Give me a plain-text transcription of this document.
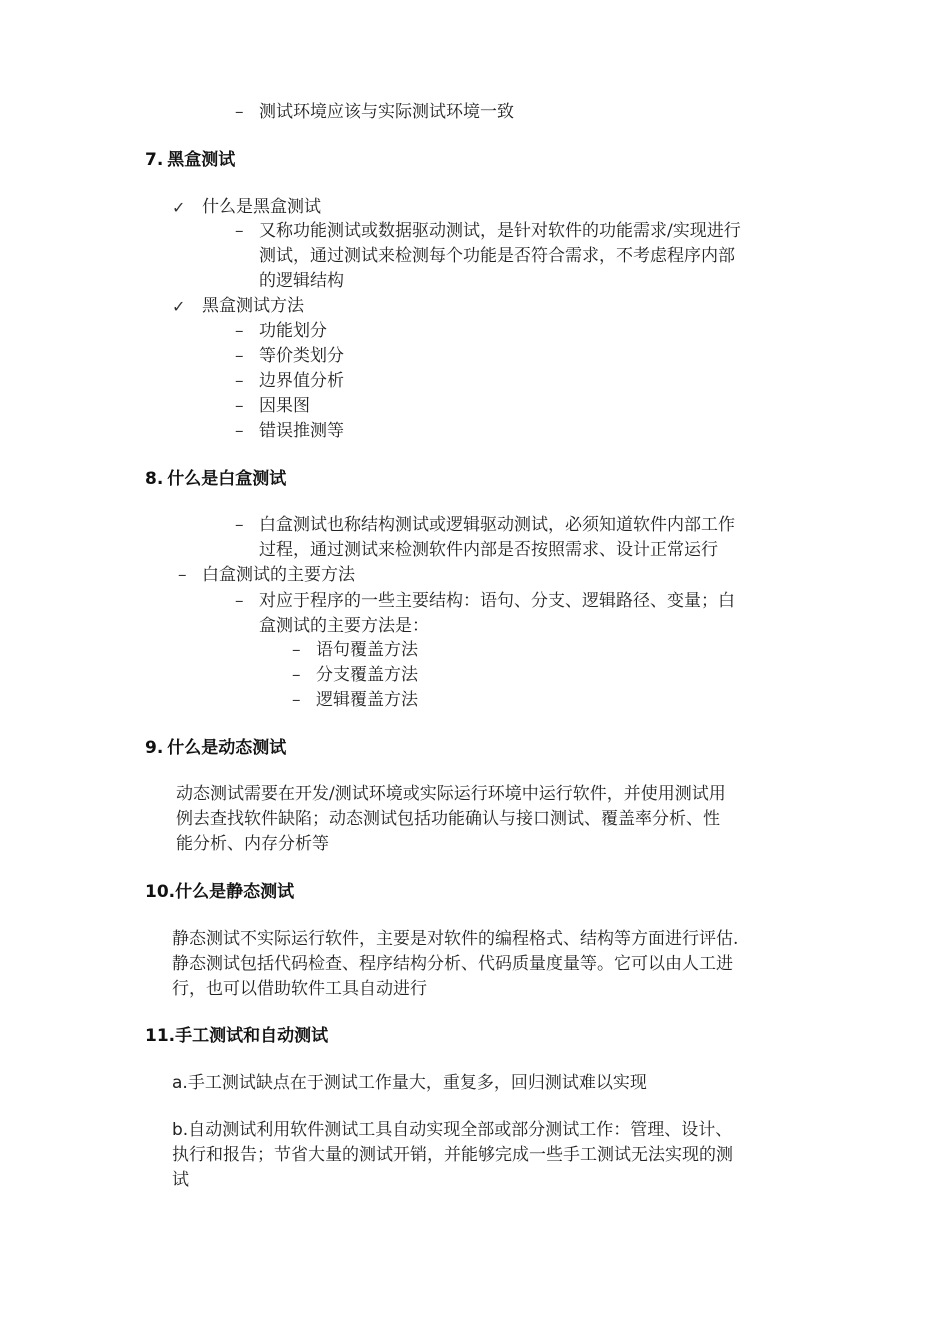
– 测试环境应该与实际测试环境一致
7. 黑盒测试
✓ 什么是黑盒测试
– 又称功能测试或数据驱动测试，是针对软件的功能需求/实现进行
测试，通过测试来检测每个功能是否符合需求，不考虑程序内部
的逻辑结构
✓ 黑盒测试方法
– 功能划分
– 等价类划分
– 边界值分析
– 因果图
– 错误推测等
8. 什么是白盒测试
– 白盒测试也称结构测试或逻辑驱动测试，必须知道软件内部工作
过程，通过测试来检测软件内部是否按照需求、设计正常运行
– 白盒测试的主要方法
– 对应于程序的一些主要结构：语句、分支、逻辑路径、变量；白
盒测试的主要方法是：
– 语句覆盖方法
– 分支覆盖方法
– 逻辑覆盖方法
9. 什么是动态测试
动态测试需要在开发/测试环境或实际运行环境中运行软件，并使用测试用
例去查找软件缺陷；动态测试包括功能确认与接口测试、覆盖率分析、性
能分析、内存分析等
10.什么是静态测试
静态测试不实际运行软件，主要是对软件的编程格式、结构等方面进行评估.
静态测试包括代码检查、程序结构分析、代码质量度量等。它可以由人工进
行，也可以借助软件工具自动进行
11.手工测试和自动测试
a.手工测试缺点在于测试工作量大，重复多，回归测试难以实现
b.自动测试利用软件测试工具自动实现全部或部分测试工作：管理、设计、
执行和报告；节省大量的测试开销，并能够完成一些手工测试无法实现的测
试
